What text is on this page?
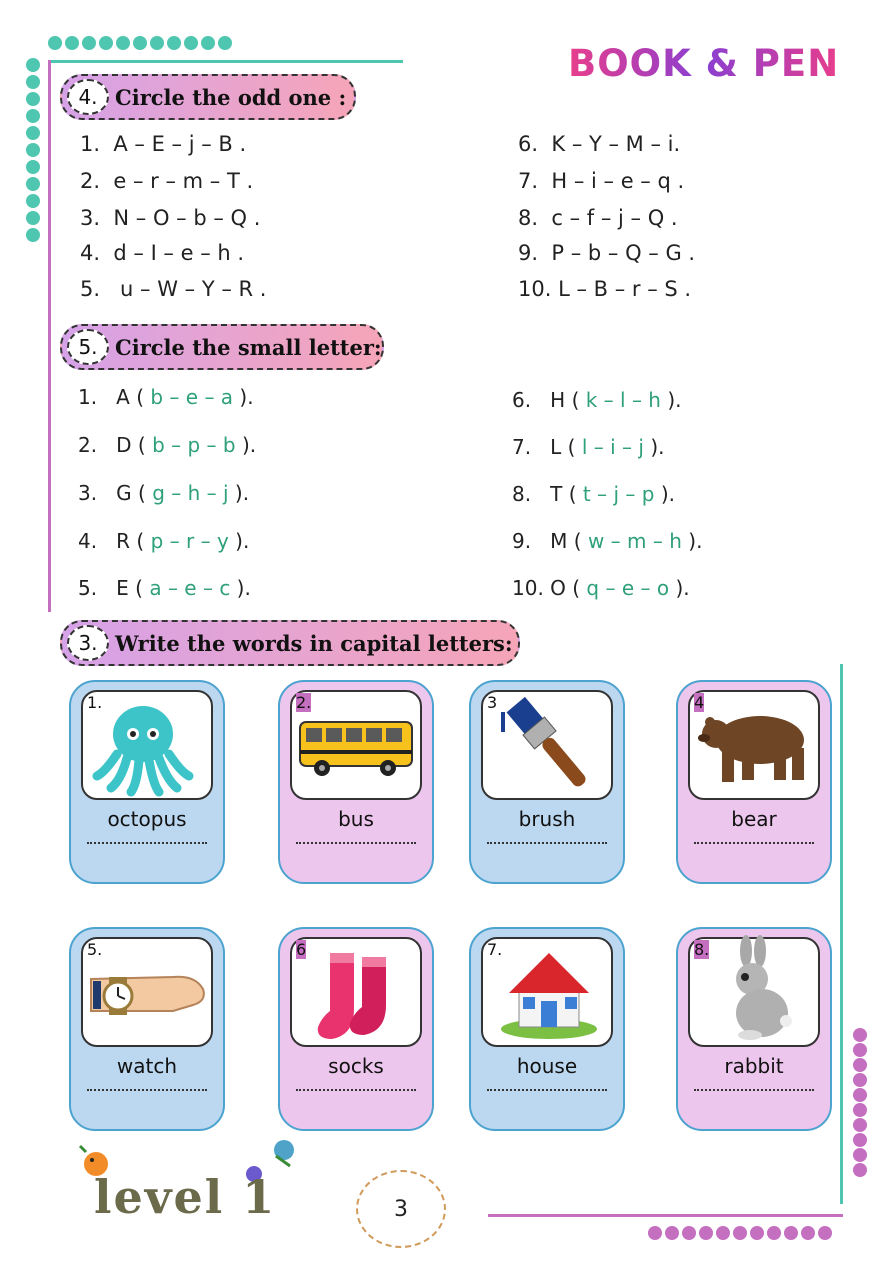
BOOK & PEN
4. Circle the odd one :
1.  A – E – j – B .
2.  e – r – m – T .
3.  N – O – b – Q .
4.  d – I – e – h .
5.   u – W – Y – R .
6.  K – Y – M – i.
7.  H – i – e – q .
8.  c – f – j – Q .
9.  P – b – Q – G .
10. L – B – r – S .
5. Circle the small letter:
1. A ( b – e – a ).
2. D ( b – p – b ).
3. G ( g – h – j ).
4. R ( p – r – y ).
5. E ( a – e – c ).
6. H ( k – l – h ).
7. L ( l – i – j ).
8. T ( t – j – p ).
9. M ( w – m – h ).
10. O ( q – e – o ).
3. Write the words in capital letters:
1.
octopus
2.
bus
3
brush
4
bear
5.
watch
6
socks
7.
house
8.
rabbit
level 1	3
